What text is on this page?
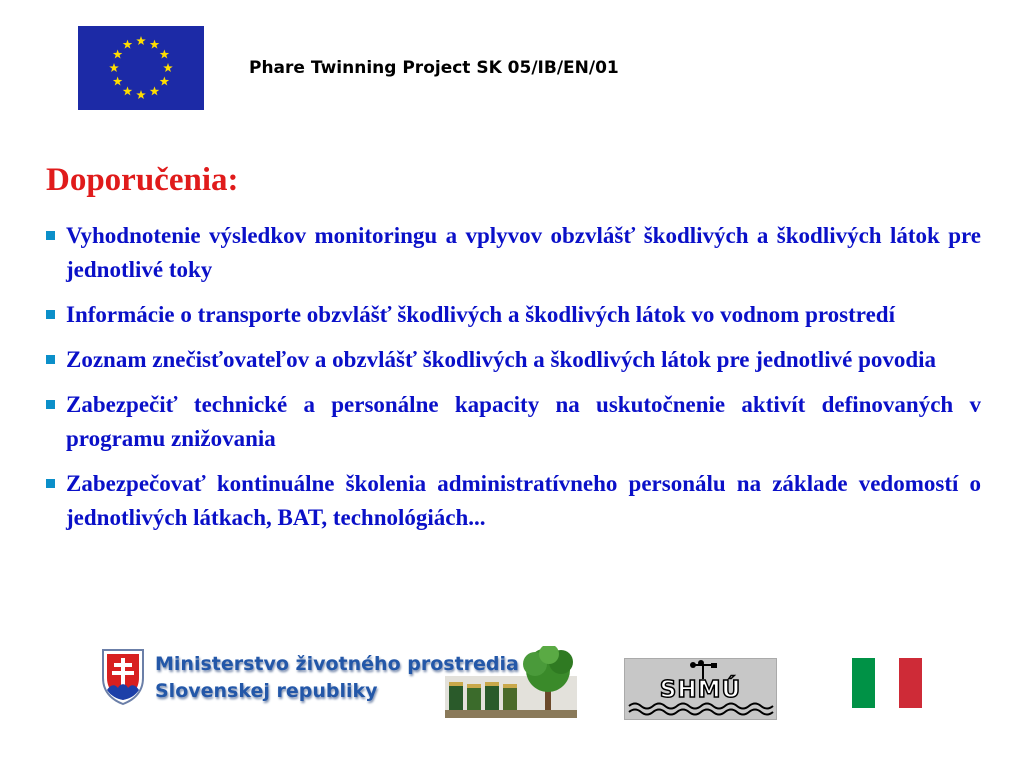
Phare Twinning Project SK 05/IB/EN/01
Doporučenia:
Vyhodnotenie výsledkov monitoringu a vplyvov obzvlášť škodlivých a škodlivých látok pre jednotlivé toky
Informácie o transporte obzvlášť škodlivých a škodlivých látok vo vodnom prostredí
Zoznam znečisťovateľov a obzvlášť škodlivých a škodlivých látok pre jednotlivé povodia
Zabezpečiť technické a personálne kapacity na uskutočnenie aktivít definovaných v programu znižovania
Zabezpečovať kontinuálne školenia administratívneho personálu na základe vedomostí o jednotlivých látkach, BAT, technológiách...
Ministerstvo životného prostredia
Slovenskej republiky	SHMÚ
